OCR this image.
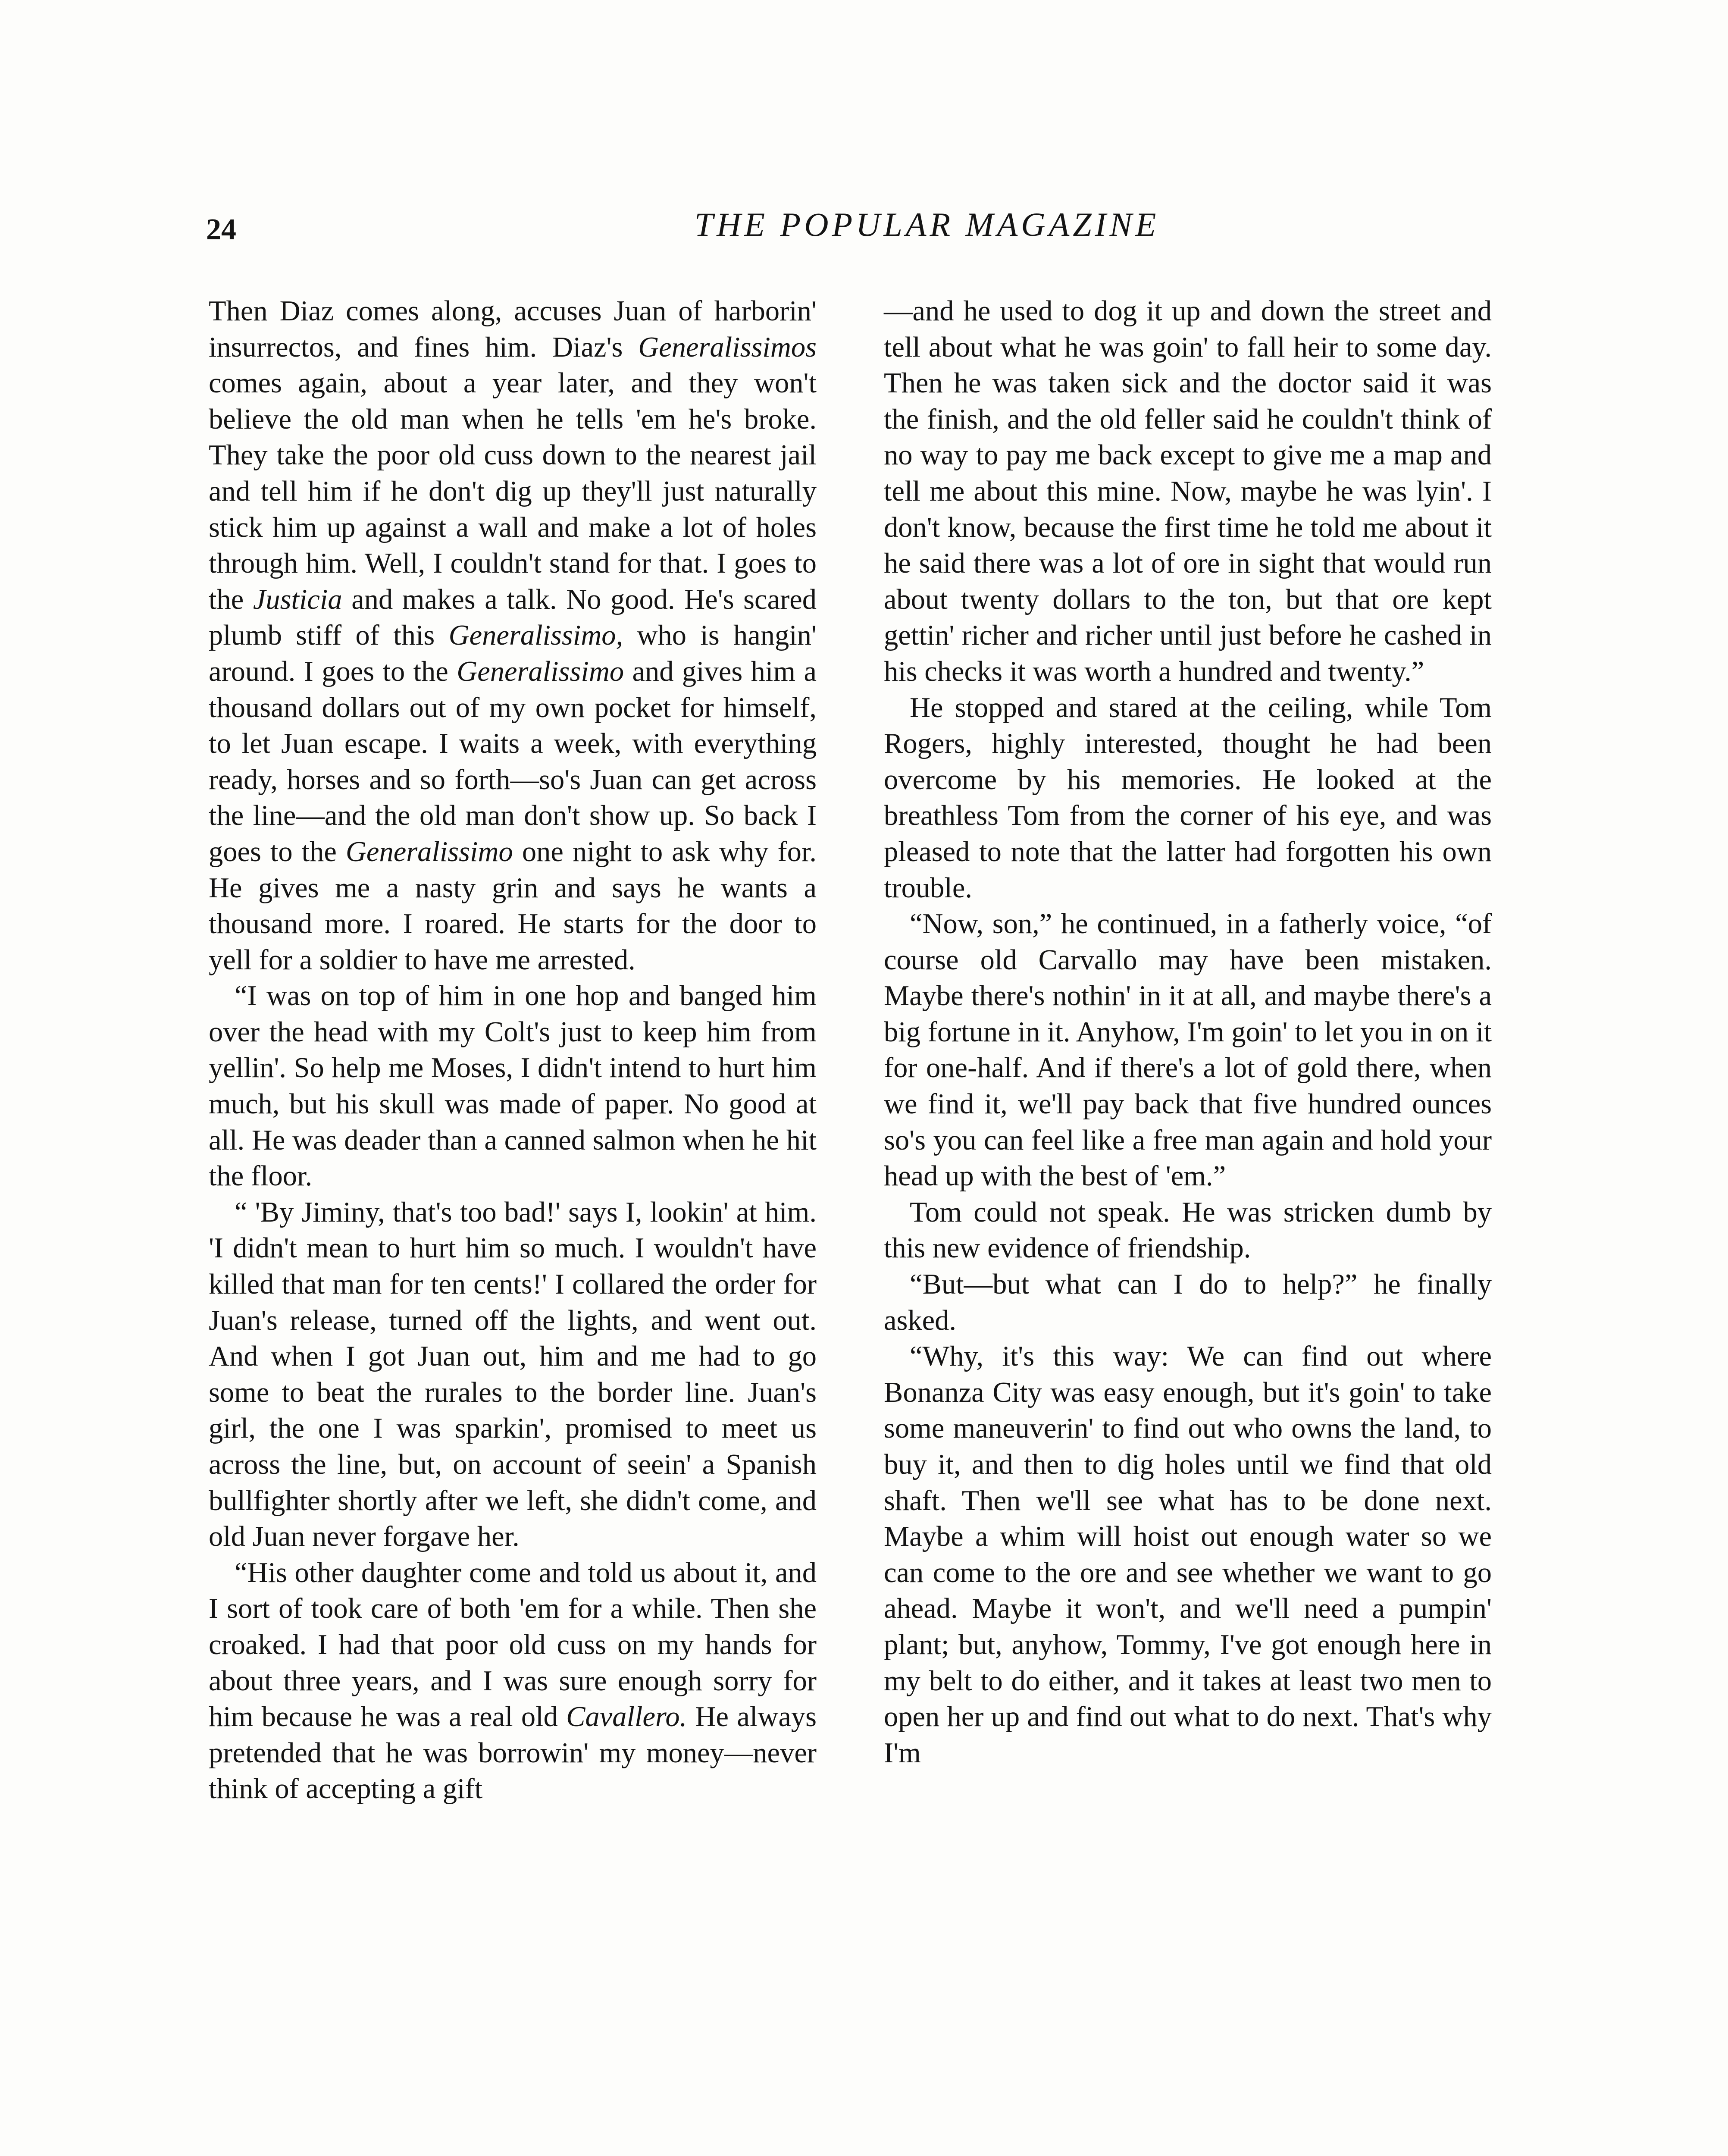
24	THE POPULAR MAGAZINE

Then Diaz comes along, accuses Juan of harborin' insurrectos, and fines him. Diaz's Generalissimos comes again, about a year later, and they won't believe the old man when he tells 'em he's broke. They take the poor old cuss down to the nearest jail and tell him if he don't dig up they'll just naturally stick him up against a wall and make a lot of holes through him. Well, I couldn't stand for that. I goes to the Justicia and makes a talk. No good. He's scared plumb stiff of this Generalissimo, who is hangin' around. I goes to the Generalissimo and gives him a thousand dollars out of my own pocket for himself, to let Juan escape. I waits a week, with everything ready, horses and so forth—so's Juan can get across the line—and the old man don't show up. So back I goes to the Generalissimo one night to ask why for. He gives me a nasty grin and says he wants a thousand more. I roared. He starts for the door to yell for a soldier to have me arrested.

“I was on top of him in one hop and banged him over the head with my Colt's just to keep him from yellin'. So help me Moses, I didn't intend to hurt him much, but his skull was made of paper. No good at all. He was deader than a canned salmon when he hit the floor.

“ 'By Jiminy, that's too bad!' says I, lookin' at him. 'I didn't mean to hurt him so much. I wouldn't have killed that man for ten cents!' I collared the order for Juan's release, turned off the lights, and went out. And when I got Juan out, him and me had to go some to beat the rurales to the border line. Juan's girl, the one I was sparkin', promised to meet us across the line, but, on account of seein' a Spanish bullfighter shortly after we left, she didn't come, and old Juan never forgave her.

“His other daughter come and told us about it, and I sort of took care of both 'em for a while. Then she croaked. I had that poor old cuss on my hands for about three years, and I was sure enough sorry for him because he was a real old Cavallero. He always pretended that he was borrowin' my money—never think of accepting a gift

—and he used to dog it up and down the street and tell about what he was goin' to fall heir to some day. Then he was taken sick and the doctor said it was the finish, and the old feller said he couldn't think of no way to pay me back except to give me a map and tell me about this mine. Now, maybe he was lyin'. I don't know, because the first time he told me about it he said there was a lot of ore in sight that would run about twenty dollars to the ton, but that ore kept gettin' richer and richer until just before he cashed in his checks it was worth a hundred and twenty.”

He stopped and stared at the ceiling, while Tom Rogers, highly interested, thought he had been overcome by his memories. He looked at the breathless Tom from the corner of his eye, and was pleased to note that the latter had forgotten his own trouble.

“Now, son,” he continued, in a fatherly voice, “of course old Carvallo may have been mistaken. Maybe there's nothin' in it at all, and maybe there's a big fortune in it. Anyhow, I'm goin' to let you in on it for one-half. And if there's a lot of gold there, when we find it, we'll pay back that five hundred ounces so's you can feel like a free man again and hold your head up with the best of 'em.”

Tom could not speak. He was stricken dumb by this new evidence of friendship.

“But—but what can I do to help?” he finally asked.

“Why, it's this way: We can find out where Bonanza City was easy enough, but it's goin' to take some maneuverin' to find out who owns the land, to buy it, and then to dig holes until we find that old shaft. Then we'll see what has to be done next. Maybe a whim will hoist out enough water so we can come to the ore and see whether we want to go ahead. Maybe it won't, and we'll need a pumpin' plant; but, anyhow, Tommy, I've got enough here in my belt to do either, and it takes at least two men to open her up and find out what to do next. That's why I'm
